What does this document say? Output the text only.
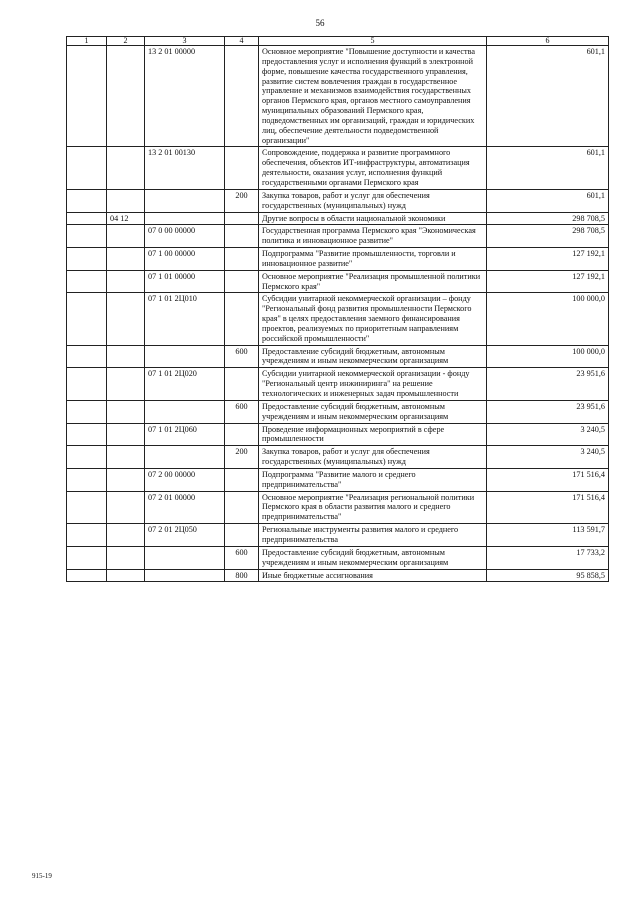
56
1	2	3	4	5	6
		13 2 01 00000		Основное мероприятие "Повышение доступности и качества предоставления услуг и исполнения функций в электронной форме, повышение качества государственного управления, развитие систем вовлечения граждан в государственное управление и механизмов взаимодействия государственных органов Пермского края, органов местного самоуправления муниципальных образований Пермского края, подведомственных им организаций, граждан и юридических лиц, обеспечение деятельности подведомственной организации"	601,1
		13 2 01 00130		Сопровождение, поддержка и развитие программного обеспечения, объектов ИТ-инфраструктуры, автоматизация деятельности, оказания услуг, исполнения функций государственными органами Пермского края	601,1
			200	Закупка товаров, работ и услуг для обеспечения государственных (муниципальных) нужд	601,1
	04 12			Другие вопросы в области национальной экономики	298 708,5
		07 0 00 00000		Государственная программа Пермского края "Экономическая политика и инновационное развитие"	298 708,5
		07 1 00 00000		Подпрограмма "Развитие промышленности, торговли и инновационное развитие"	127 192,1
		07 1 01 00000		Основное мероприятие "Реализация промышленной политики Пермского края"	127 192,1
		07 1 01 2Ц010		Субсидии унитарной некоммерческой организации – фонду "Региональный фонд развития промышленности Пермского края" в целях предоставления заемного финансирования проектов, реализуемых по приоритетным направлениям российской промышленности"	100 000,0
			600	Предоставление субсидий бюджетным, автономным учреждениям и иным некоммерческим организациям	100 000,0
		07 1 01 2Ц020		Субсидии унитарной некоммерческой организации - фонду "Региональный центр инжиниринга" на решение технологических и инженерных задач промышленности	23 951,6
			600	Предоставление субсидий бюджетным, автономным учреждениям и иным некоммерческим организациям	23 951,6
		07 1 01 2Ц060		Проведение информационных мероприятий в сфере промышленности	3 240,5
			200	Закупка товаров, работ и услуг для обеспечения государственных (муниципальных) нужд	3 240,5
		07 2 00 00000		Подпрограмма "Развитие малого и среднего предпринимательства"	171 516,4
		07 2 01 00000		Основное мероприятие "Реализация региональной политики Пермского края в области развития малого и среднего предпринимательства"	171 516,4
		07 2 01 2Ц050		Региональные инструменты развития малого и среднего предпринимательства	113 591,7
			600	Предоставление субсидий бюджетным, автономным учреждениям и иным некоммерческим организациям	17 733,2
			800	Иные бюджетные ассигнования	95 858,5
915-19
